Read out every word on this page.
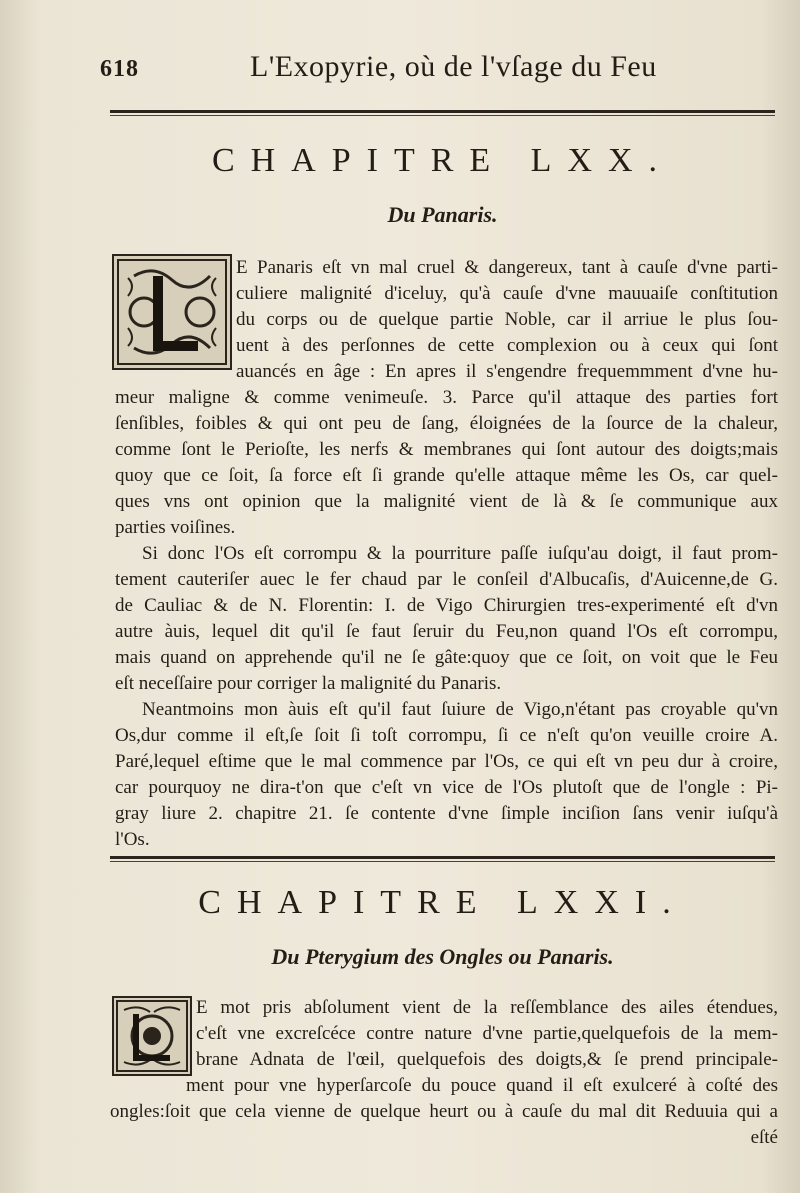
618	L'Exopyrie, où de l'vſage du Feu
CHAPITRE LXX.
Du Panaris.
E Panaris eſt vn mal cruel & dangereux, tant à cauſe d'vne parti-
culiere malignité d'iceluy, qu'à cauſe d'vne mauuaiſe conſtitution
du corps ou de quelque partie Noble, car il arriue le plus ſou-
uent à des perſonnes de cette complexion ou à ceux qui ſont
auancés en âge : En apres il s'engendre frequemmment d'vne hu-
meur maligne & comme venimeuſe. 3. Parce qu'il attaque des parties fort
ſenſibles, foibles & qui ont peu de ſang, éloignées de la ſource de la chaleur,
comme ſont le Perioſte, les nerfs & membranes qui ſont autour des doigts;mais
quoy que ce ſoit, ſa force eſt ſi grande qu'elle attaque même les Os, car quel-
ques vns ont opinion que la malignité vient de là & ſe communique aux
parties voiſines.
Si donc l'Os eſt corrompu & la pourriture paſſe iuſqu'au doigt, il faut prom-
tement cauteriſer auec le fer chaud par le conſeil d'Albucaſis, d'Auicenne,de G.
de Cauliac & de N. Florentin: I. de Vigo Chirurgien tres-experimenté eſt d'vn
autre àuis, lequel dit qu'il ſe faut ſeruir du Feu,non quand l'Os eſt corrompu,
mais quand on apprehende qu'il ne ſe gâte:quoy que ce ſoit, on voit que le Feu
eſt neceſſaire pour corriger la malignité du Panaris.
Neantmoins mon àuis eſt qu'il faut ſuiure de Vigo,n'étant pas croyable qu'vn
Os,dur comme il eſt,ſe ſoit ſi toſt corrompu, ſi ce n'eſt qu'on veuille croire A.
Paré,lequel eſtime que le mal commence par l'Os, ce qui eſt vn peu dur à croire,
car pourquoy ne dira-t'on que c'eſt vn vice de l'Os plutoſt que de l'ongle : Pi-
gray liure 2. chapitre 21. ſe contente d'vne ſimple inciſion ſans venir iuſqu'à
l'Os.
CHAPITRE LXXI.
Du Pterygium des Ongles ou Panaris.
E mot pris abſolument vient de la reſſemblance des ailes étendues,
c'eſt vne excreſcéce contre nature d'vne partie,quelquefois de la mem-
brane Adnata de l'œil, quelquefois des doigts,& ſe prend principale-
ment pour vne hyperſarcoſe du pouce quand il eſt exulceré à coſté des
ongles:ſoit que cela vienne de quelque heurt ou à cauſe du mal dit Reduuia qui a
eſté
